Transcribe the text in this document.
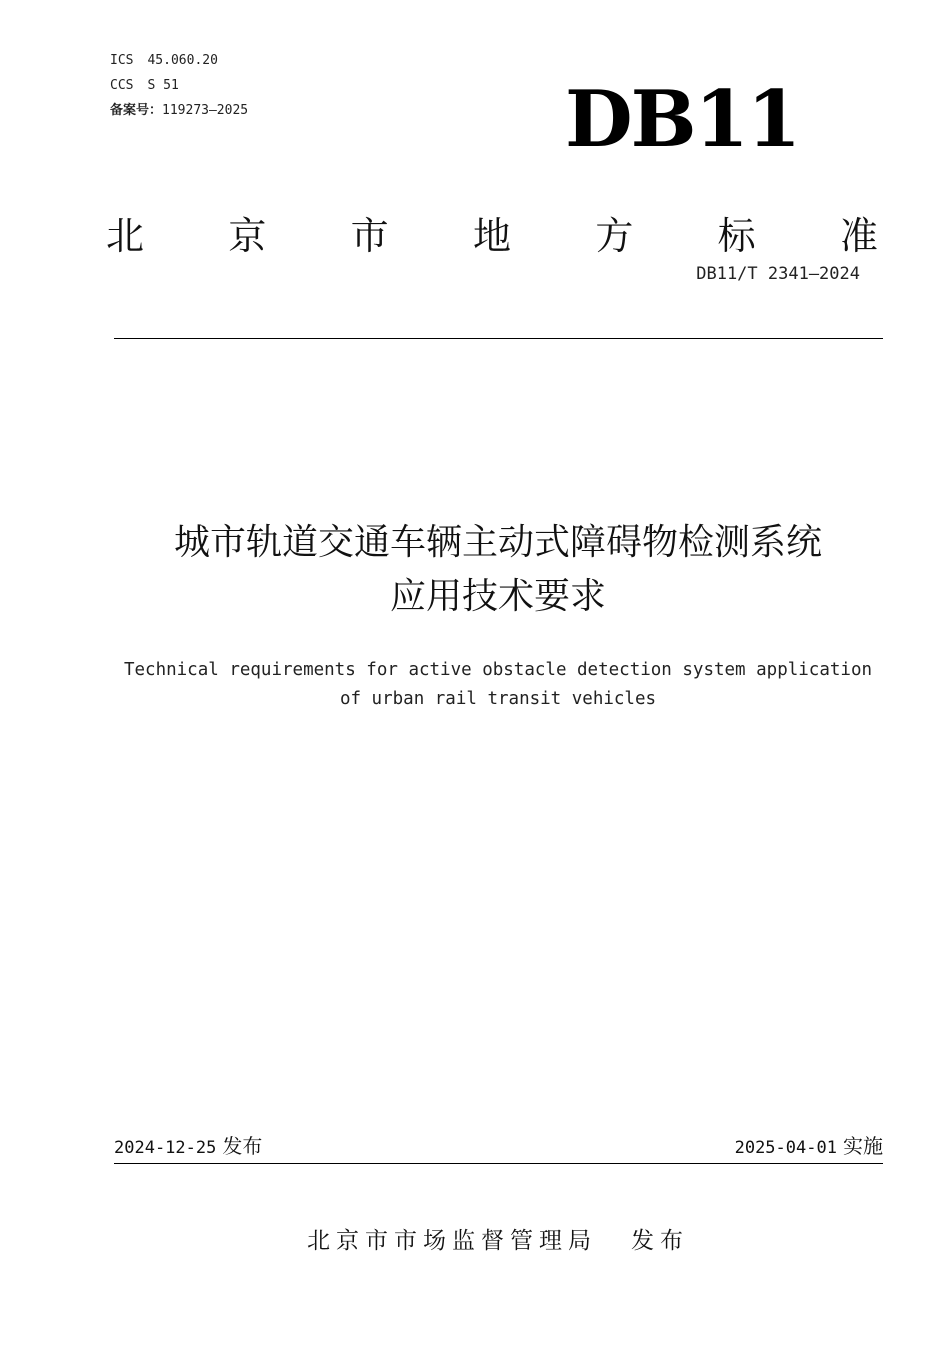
ICS 45.060.20
CCS S 51
备案号：119273—2025	DB11
北 京 市 地 方 标 准
DB11/T 2341—2024
城市轨道交通车辆主动式障碍物检测系统
应用技术要求
Technical requirements for active obstacle detection system application
of urban rail transit vehicles
2024-12-25 发布	2025-04-01 实施
北京市市场监督管理局 发布
